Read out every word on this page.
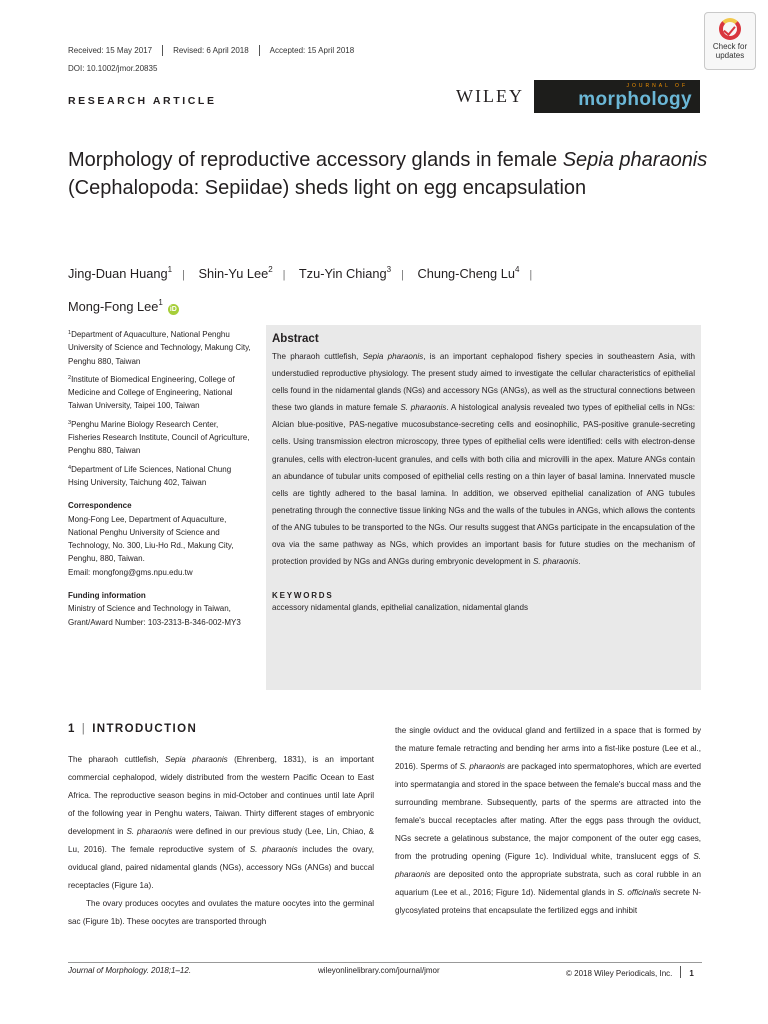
Received: 15 May 2017	Revised: 6 April 2018	Accepted: 15 April 2018
DOI: 10.1002/jmor.20835
Check for
updates
RESEARCH ARTICLE	WILEY	JOURNAL OF
morphology
Morphology of reproductive accessory glands in female Sepia pharaonis (Cephalopoda: Sepiidae) sheds light on egg encapsulation
Jing-Duan Huang$^1$ | Shin-Yu Lee$^2$ | Tzu-Yin Chiang$^3$ | Chung-Cheng Lu$^4$ |
Mong-Fong Lee$^1$iD
$^1$Department of Aquaculture, National Penghu University of Science and Technology, Makung City, Penghu 880, Taiwan
$^2$Institute of Biomedical Engineering, College of Medicine and College of Engineering, National Taiwan University, Taipei 100, Taiwan
$^3$Penghu Marine Biology Research Center, Fisheries Research Institute, Council of Agriculture, Penghu 880, Taiwan
$^4$Department of Life Sciences, National Chung Hsing University, Taichung 402, Taiwan
Correspondence
Mong-Fong Lee, Department of Aquaculture, National Penghu University of Science and Technology, No. 300, Liu-Ho Rd., Makung City, Penghu, 880, Taiwan.
Email: mongfong@gms.npu.edu.tw
Funding information
Ministry of Science and Technology in Taiwan, Grant/Award Number: 103-2313-B-346-002-MY3
Abstract
The pharaoh cuttlefish, Sepia pharaonis, is an important cephalopod fishery species in southeastern Asia, with understudied reproductive physiology. The present study aimed to investigate the cellular characteristics of epithelial cells found in the nidamental glands (NGs) and accessory NGs (ANGs), as well as the structural connections between these two glands in mature female S. pharaonis. A histological analysis revealed two types of epithelial cells in NGs: Alcian blue-positive, PAS-negative mucosubstance-secreting cells and eosinophilic, PAS-positive granule-secreting cells. Using transmission electron microscopy, three types of epithelial cells were identified: cells with electron-dense granules, cells with electron-lucent granules, and cells with both cilia and microvilli in the apex. Mature ANGs contain an abundance of tubular units composed of epithelial cells resting on a thin layer of basal lamina. Innervated muscle cells are tightly adhered to the basal lamina. In addition, we observed epithelial canalization of ANG tubules penetrating through the connective tissue linking NGs and the walls of the tubules in ANGs, which allows the contents of the ANG tubules to be transported to the NGs. Our results suggest that ANGs participate in the encapsulation of the ova via the same pathway as NGs, which provides an important basis for future studies on the mechanism of protection provided by NGs and ANGs during embryonic development in S. pharaonis.
KEYWORDS
accessory nidamental glands, epithelial canalization, nidamental glands
1 | INTRODUCTION

The pharaoh cuttlefish, Sepia pharaonis (Ehrenberg, 1831), is an important commercial cephalopod, widely distributed from the western Pacific Ocean to East Africa. The reproductive season begins in mid-October and continues until late April of the following year in Penghu waters, Taiwan. Thirty different stages of embryonic development in S. pharaonis were defined in our previous study (Lee, Lin, Chiao, & Lu, 2016). The female reproductive system of S. pharaonis includes the ovary, oviducal gland, paired nidamental glands (NGs), accessory NGs (ANGs) and buccal receptacles (Figure 1a).

The ovary produces oocytes and ovulates the mature oocytes into the germinal sac (Figure 1b). These oocytes are transported through

the single oviduct and the oviducal gland and fertilized in a space that is formed by the mature female retracting and bending her arms into a fist-like posture (Lee et al., 2016). Sperms of S. pharaonis are packaged into spermatophores, which are everted into spermatangia and stored in the space between the female's buccal mass and the surrounding membrane. Subsequently, parts of the sperms are attracted into the female's buccal receptacles after mating. After the eggs pass through the oviduct, NGs secrete a gelatinous substance, the major component of the outer egg cases, from the protruding opening (Figure 1c). Individual white, translucent eggs of S. pharaonis are deposited onto the appropriate substrata, such as coral rubble in an aquarium (Lee et al., 2016; Figure 1d). Nidemental glands in S. officinalis secrete N-glycosylated proteins that encapsulate the fertilized eggs and inhibit

Journal of Morphology. 2018;1–12.	wileyonlinelibrary.com/journal/jmor	© 2018 Wiley Periodicals, Inc. 1
